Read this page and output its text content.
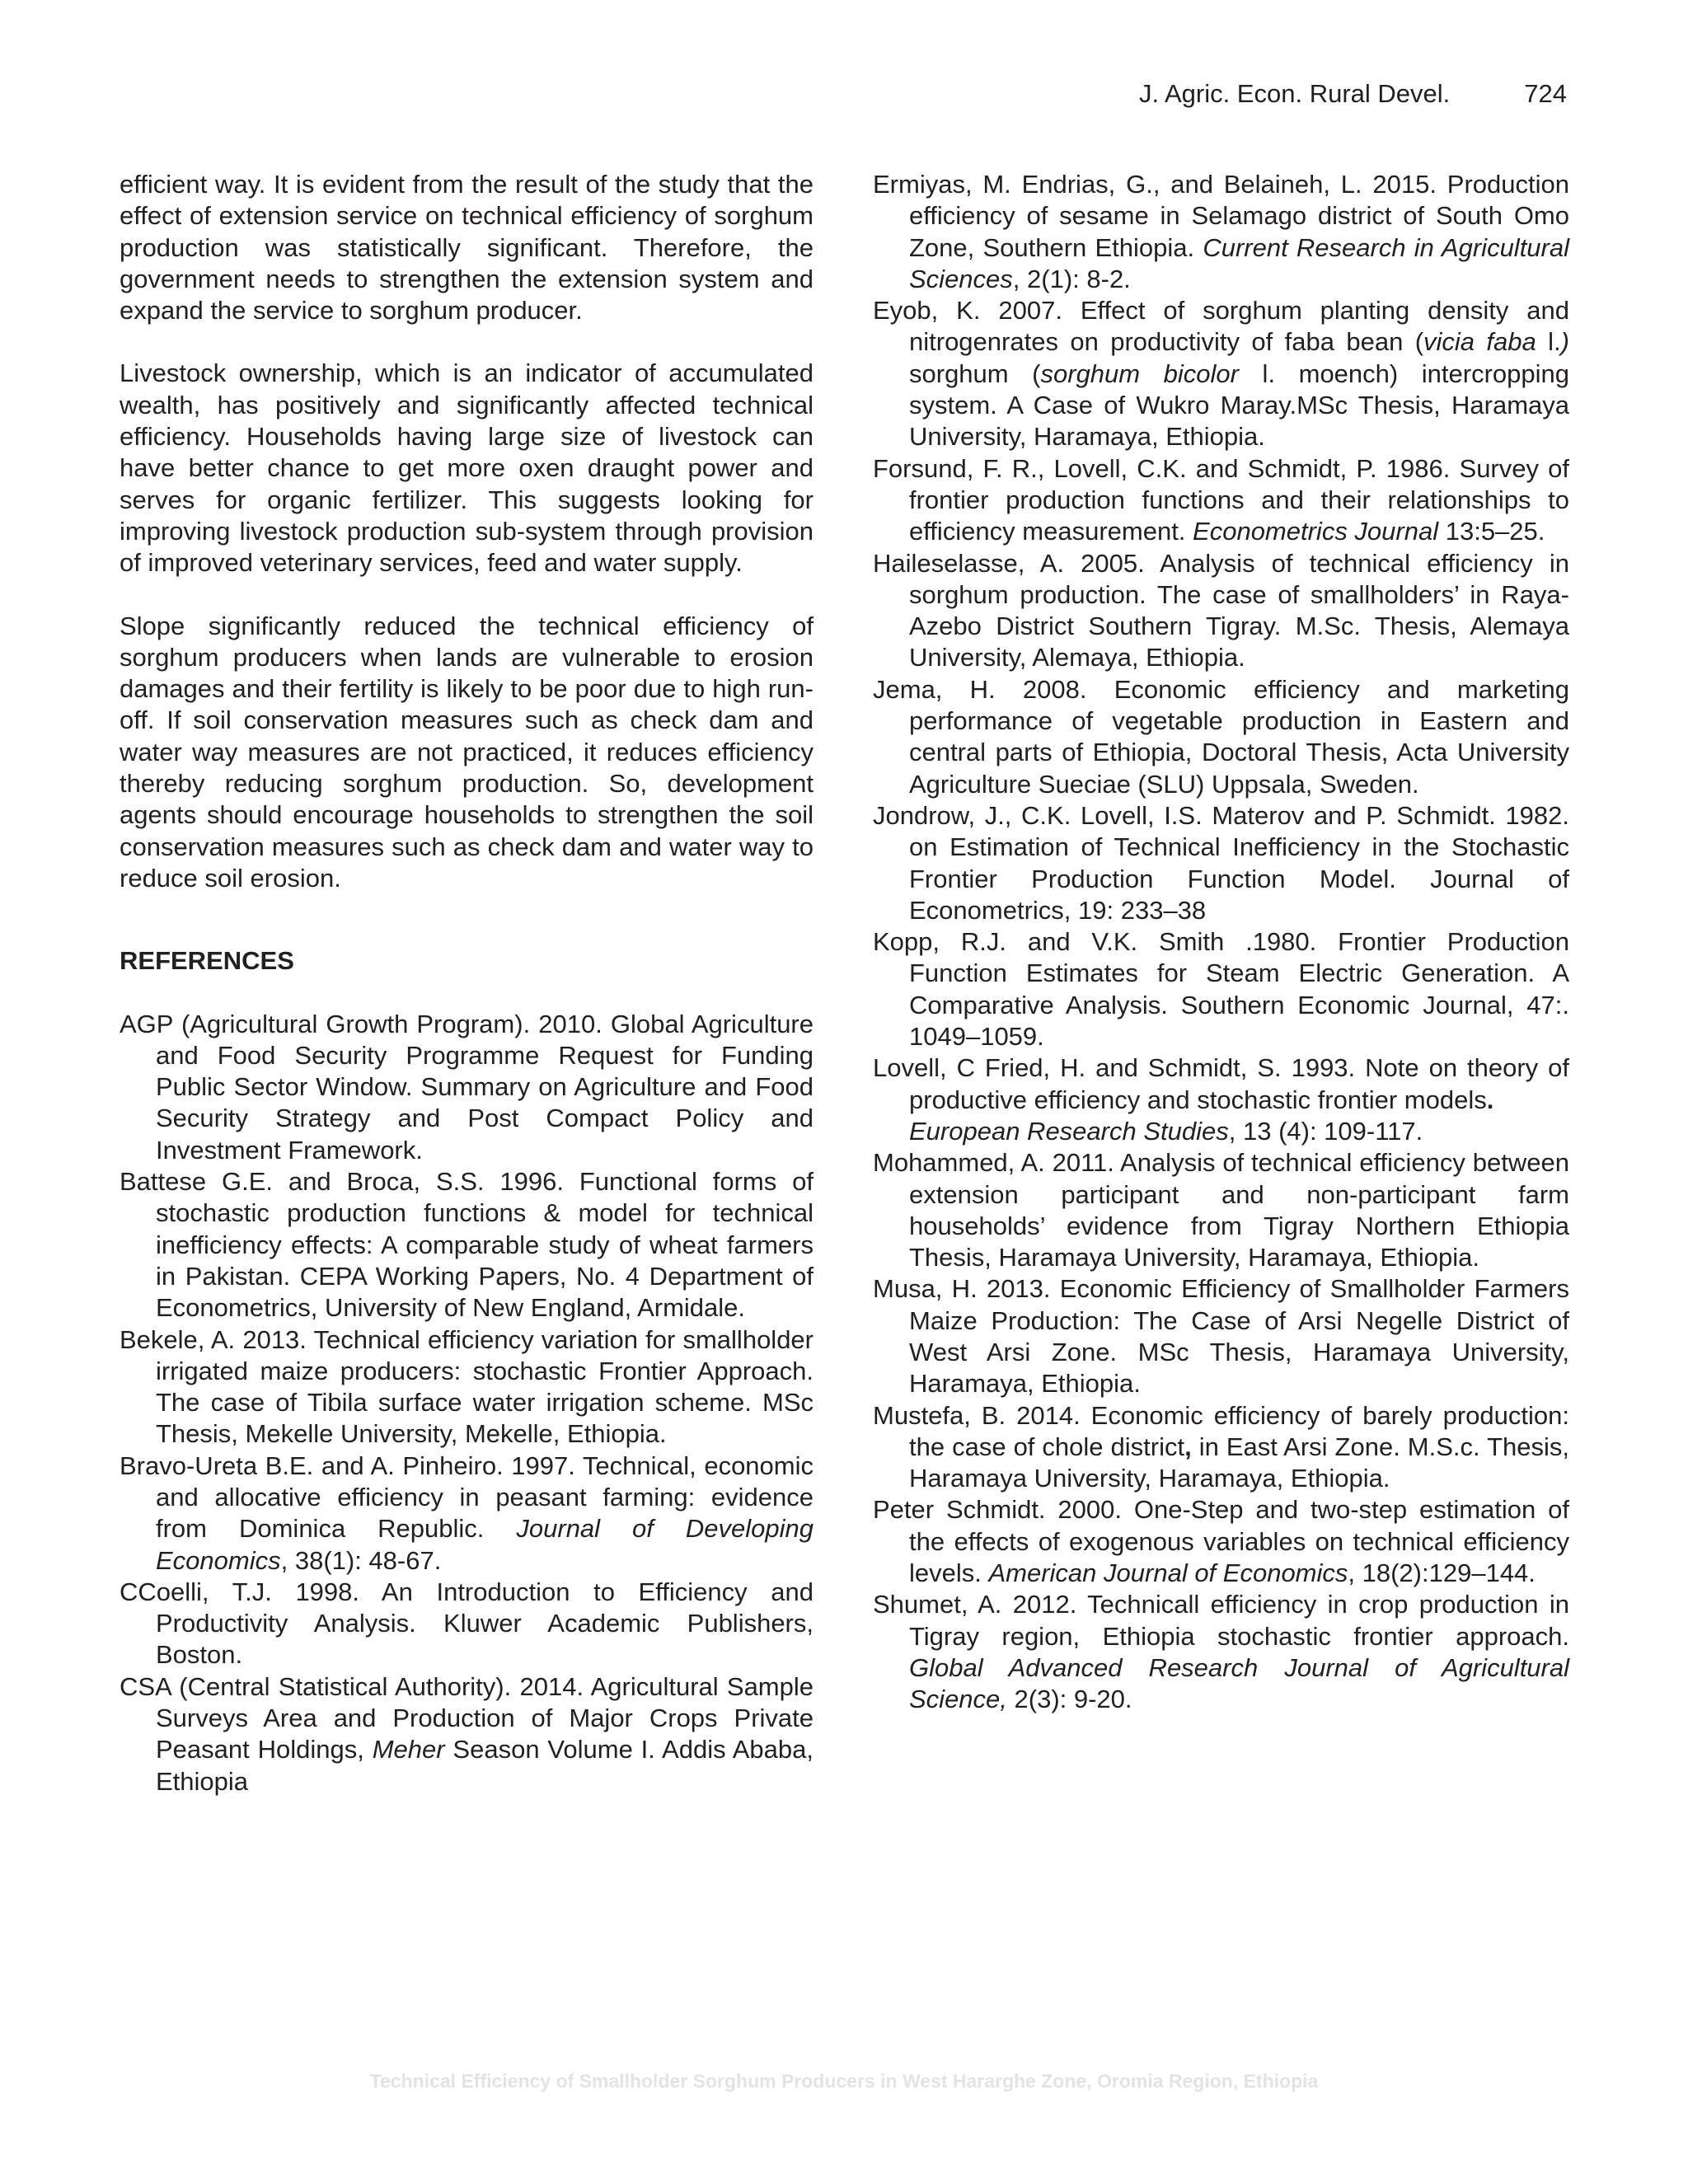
J. Agric. Econ. Rural Devel.	724

efficient way. It is evident from the result of the study that the effect of extension service on technical efficiency of sorghum production was statistically significant. Therefore, the government needs to strengthen the extension system and expand the service to sorghum producer.

Livestock ownership, which is an indicator of accumulated wealth, has positively and significantly affected technical efficiency. Households having large size of livestock can have better chance to get more oxen draught power and serves for organic fertilizer. This suggests looking for improving livestock production sub-system through provision of improved veterinary services, feed and water supply.

Slope significantly reduced the technical efficiency of sorghum producers when lands are vulnerable to erosion damages and their fertility is likely to be poor due to high run-off. If soil conservation measures such as check dam and water way measures are not practiced, it reduces efficiency thereby reducing sorghum production. So, development agents should encourage households to strengthen the soil conservation measures such as check dam and water way to reduce soil erosion.

REFERENCES

AGP (Agricultural Growth Program). 2010. Global Agriculture and Food Security Programme Request for Funding Public Sector Window. Summary on Agriculture and Food Security Strategy and Post Compact Policy and Investment Framework.

Battese G.E. and Broca, S.S. 1996. Functional forms of stochastic production functions & model for technical inefficiency effects: A comparable study of wheat farmers in Pakistan. CEPA Working Papers, No. 4 Department of Econometrics, University of New England, Armidale.

Bekele, A. 2013. Technical efficiency variation for smallholder irrigated maize producers: stochastic Frontier Approach. The case of Tibila surface water irrigation scheme. MSc Thesis, Mekelle University, Mekelle, Ethiopia.

Bravo-Ureta B.E. and A. Pinheiro. 1997. Technical, economic and allocative efficiency in peasant farming: evidence from Dominica Republic. Journal of Developing Economics, 38(1): 48-67.

CCoelli, T.J. 1998. An Introduction to Efficiency and Productivity Analysis. Kluwer Academic Publishers, Boston.

CSA (Central Statistical Authority). 2014. Agricultural Sample Surveys Area and Production of Major Crops Private Peasant Holdings, Meher Season Volume I. Addis Ababa, Ethiopia

Ermiyas, M. Endrias, G., and Belaineh, L. 2015. Production efficiency of sesame in Selamago district of South Omo Zone, Southern Ethiopia. Current Research in Agricultural Sciences, 2(1): 8-2.

Eyob, K. 2007. Effect of sorghum planting density and nitrogenrates on productivity of faba bean (vicia faba l.) sorghum (sorghum bicolor l. moench) intercropping system. A Case of Wukro Maray.MSc Thesis, Haramaya University, Haramaya, Ethiopia.

Forsund, F. R., Lovell, C.K. and Schmidt, P. 1986. Survey of frontier production functions and their relationships to efficiency measurement. Econometrics Journal 13:5–25.

Haileselasse, A. 2005. Analysis of technical efficiency in sorghum production. The case of smallholders’ in Raya- Azebo District Southern Tigray. M.Sc. Thesis, Alemaya University, Alemaya, Ethiopia.

Jema, H. 2008. Economic efficiency and marketing performance of vegetable production in Eastern and central parts of Ethiopia, Doctoral Thesis, Acta University Agriculture Sueciae (SLU) Uppsala, Sweden.

Jondrow, J., C.K. Lovell, I.S. Materov and P. Schmidt. 1982. on Estimation of Technical Inefficiency in the Stochastic Frontier Production Function Model. Journal of Econometrics, 19: 233–38

Kopp, R.J. and V.K. Smith .1980. Frontier Production Function Estimates for Steam Electric Generation. A Comparative Analysis. Southern Economic Journal, 47:. 1049–1059.

Lovell, C Fried, H. and Schmidt, S. 1993. Note on theory of productive efficiency and stochastic frontier models.
European Research Studies, 13 (4): 109-117.

Mohammed, A. 2011. Analysis of technical efficiency between extension participant and non-participant farm households’ evidence from Tigray Northern Ethiopia Thesis, Haramaya University, Haramaya, Ethiopia.

Musa, H. 2013. Economic Efficiency of Smallholder Farmers Maize Production: The Case of Arsi Negelle District of West Arsi Zone. MSc Thesis, Haramaya University, Haramaya, Ethiopia.

Mustefa, B. 2014. Economic efficiency of barely production: the case of chole district, in East Arsi Zone. M.S.c. Thesis, Haramaya University, Haramaya, Ethiopia.

Peter Schmidt. 2000. One-Step and two-step estimation of the effects of exogenous variables on technical efficiency levels. American Journal of Economics, 18(2):129–144.

Shumet, A. 2012. Technicall efficiency in crop production in Tigray region, Ethiopia stochastic frontier approach. Global Advanced Research Journal of Agricultural Science, 2(3): 9-20.

Technical Efficiency of Smallholder Sorghum Producers in West Hararghe Zone, Oromia Region, Ethiopia
